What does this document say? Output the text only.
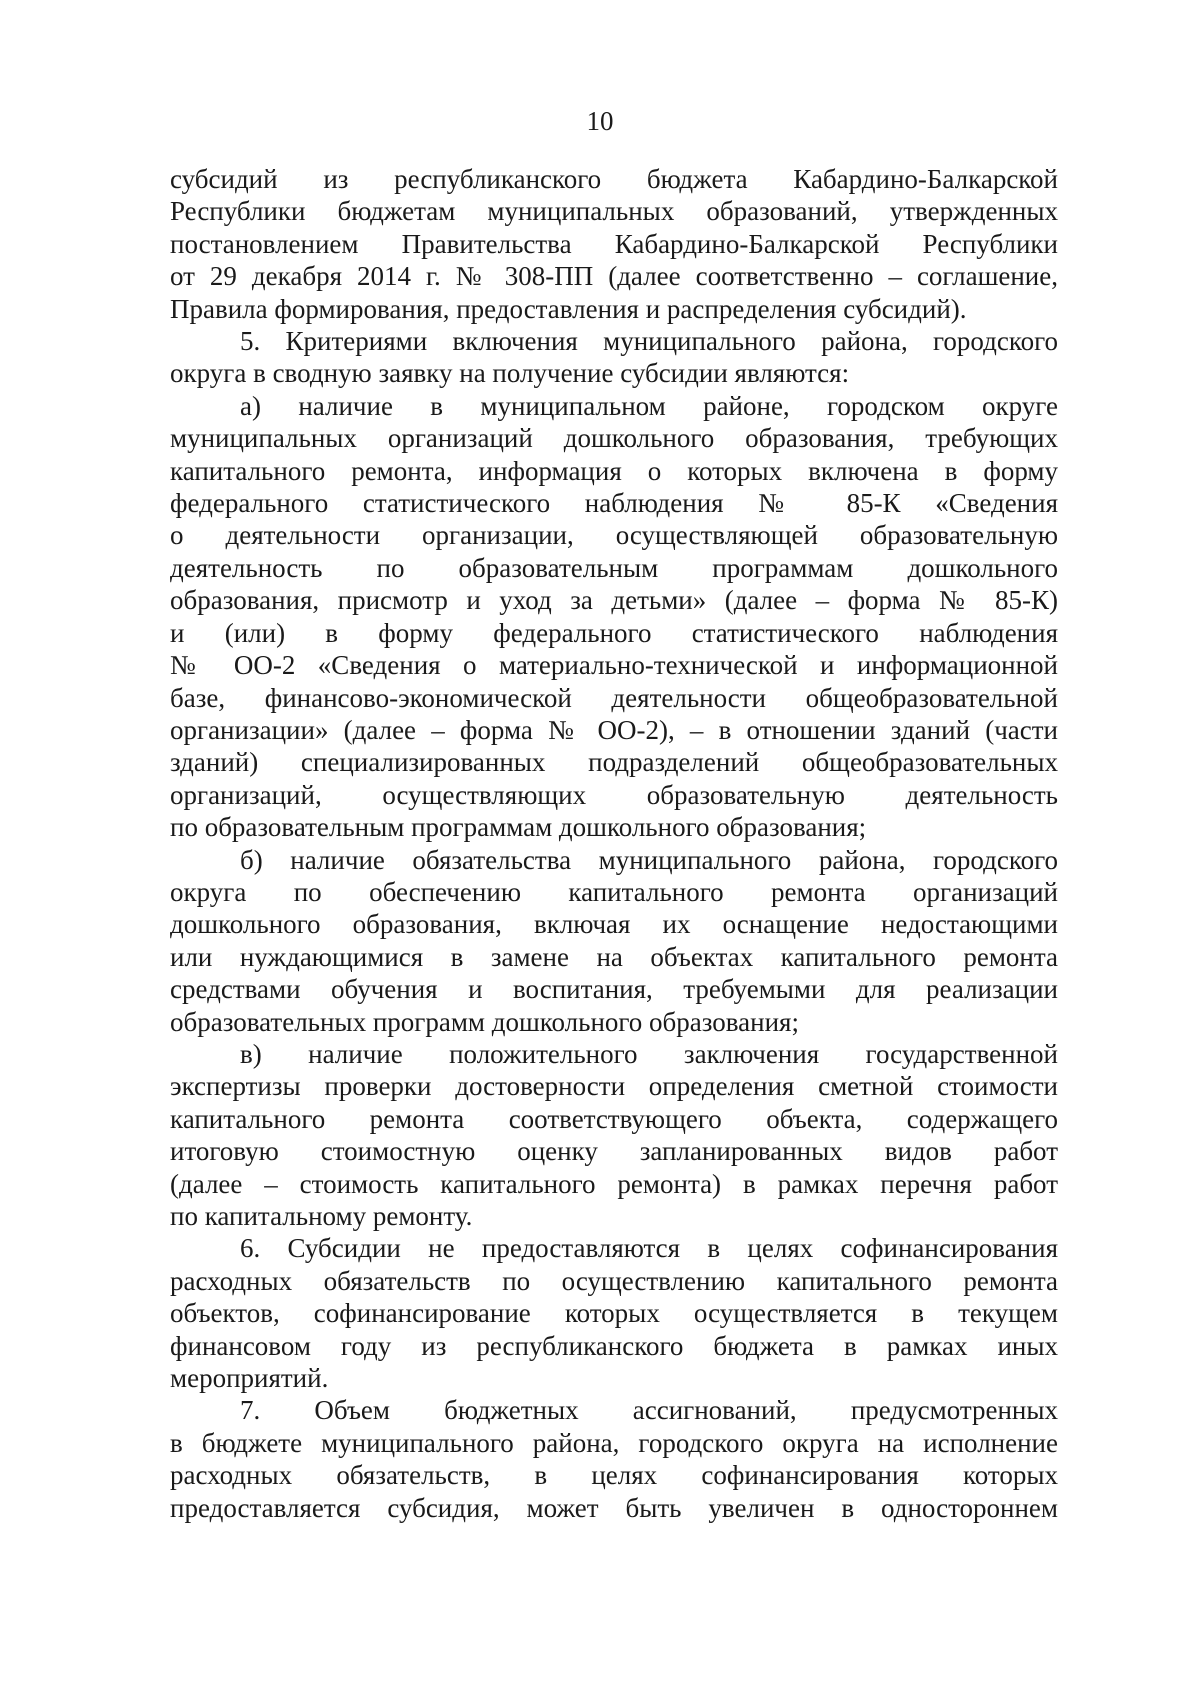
10

субсидий из республиканского бюджета Кабардино-Балкарской
Республики бюджетам муниципальных образований, утвержденных
постановлением Правительства Кабардино-Балкарской Республики
от 29 декабря 2014 г. № 308-ПП (далее соответственно – соглашение,
Правила формирования, предоставления и распределения субсидий).

5. Критериями включения муниципального района, городского
округа в сводную заявку на получение субсидии являются:

а) наличие в муниципальном районе, городском округе
муниципальных организаций дошкольного образования, требующих
капитального ремонта, информация о которых включена в форму
федерального статистического наблюдения № 85-К «Сведения
о деятельности организации, осуществляющей образовательную
деятельность по образовательным программам дошкольного
образования, присмотр и уход за детьми» (далее – форма № 85-К)
и (или) в форму федерального статистического наблюдения
№ ОО-2 «Сведения о материально-технической и информационной
базе, финансово-экономической деятельности общеобразовательной
организации» (далее – форма № ОО-2), – в отношении зданий (части
зданий) специализированных подразделений общеобразовательных
организаций, осуществляющих образовательную деятельность
по образовательным программам дошкольного образования;

б) наличие обязательства муниципального района, городского
округа по обеспечению капитального ремонта организаций
дошкольного образования, включая их оснащение недостающими
или нуждающимися в замене на объектах капитального ремонта
средствами обучения и воспитания, требуемыми для реализации
образовательных программ дошкольного образования;

в) наличие положительного заключения государственной
экспертизы проверки достоверности определения сметной стоимости
капитального ремонта соответствующего объекта, содержащего
итоговую стоимостную оценку запланированных видов работ
(далее – стоимость капитального ремонта) в рамках перечня работ
по капитальному ремонту.

6. Субсидии не предоставляются в целях софинансирования
расходных обязательств по осуществлению капитального ремонта
объектов, софинансирование которых осуществляется в текущем
финансовом году из республиканского бюджета в рамках иных
мероприятий.

7. Объем бюджетных ассигнований, предусмотренных
в бюджете муниципального района, городского округа на исполнение
расходных обязательств, в целях софинансирования которых
предоставляется субсидия, может быть увеличен в одностороннем
